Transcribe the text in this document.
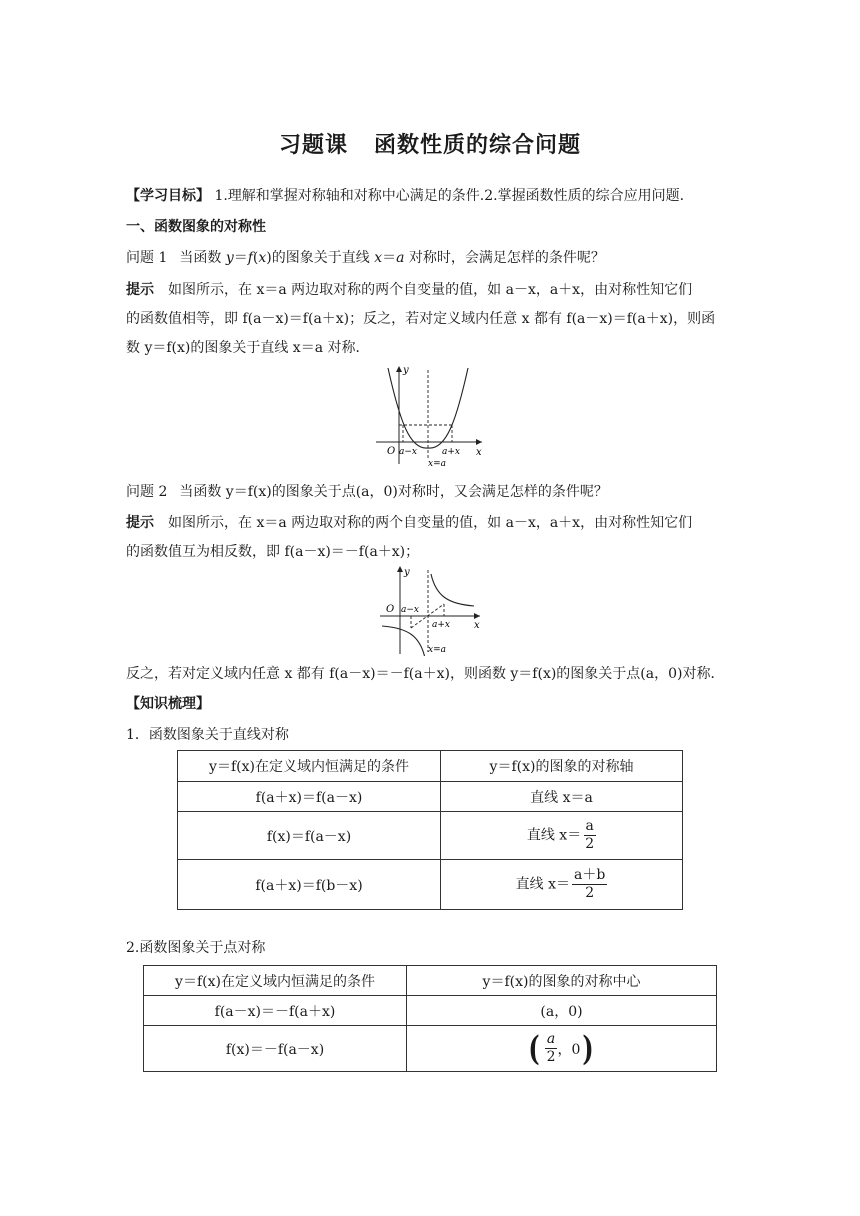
习题课 函数性质的综合问题
【学习目标】 1.理解和掌握对称轴和对称中心满足的条件.2.掌握函数性质的综合应用问题.
一、函数图象的对称性
问题 1 当函数 y＝f(x)的图象关于直线 x＝a 对称时，会满足怎样的条件呢？
提示 如图所示，在 x＝a 两边取对称的两个自变量的值，如 a－x，a＋x，由对称性知它们
的函数值相等，即 f(a－x)＝f(a＋x)；反之，若对定义域内任意 x 都有 f(a－x)＝f(a＋x)，则函
数 y＝f(x)的图象关于直线 x＝a 对称．
y
x
O a−x	a+x
x=a
问题 2 当函数 y＝f(x)的图象关于点(a，0)对称时，又会满足怎样的条件呢？
提示 如图所示，在 x＝a 两边取对称的两个自变量的值，如 a－x，a＋x，由对称性知它们
的函数值互为相反数，即 f(a－x)＝－f(a＋x)；
y
x
O a−x
a+x
x=a
反之，若对定义域内任意 x 都有 f(a－x)＝－f(a＋x)，则函数 y＝f(x)的图象关于点(a，0)对称．
【知识梳理】
1．函数图象关于直线对称
y＝f(x)在定义域内恒满足的条件	y＝f(x)的图象的对称轴
f(a＋x)＝f(a－x)	直线 x＝a
f(x)＝f(a－x)	直线 $x= \frac{a}{2}$

f(a＋x)＝f(b－x)	直线 $x= \frac{a+b}{2}$
2.函数图象关于点对称
y＝f(x)在定义域内恒满足的条件	y＝f(x)的图象的对称中心
f(a－x)＝－f(a＋x)	(a，0)
f(x)＝－f(a－x)	( $\frac{a}{2}$ ，0 )
